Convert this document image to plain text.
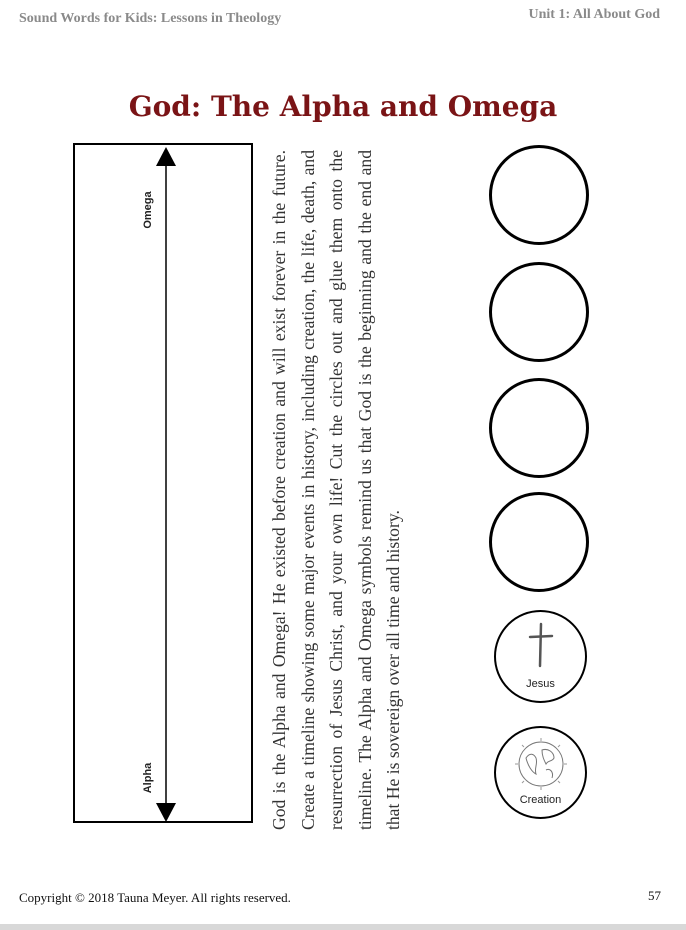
Sound Words for Kids: Lessons in Theology	Unit 1: All About God
God: The Alpha and Omega
Omega
Alpha	God is the Alpha and Omega! He existed before creation and will exist forever in the future. Create a timeline showing some major events in history, including creation, the life, death, and resurrection of Jesus Christ, and your own life! Cut the circles out and glue them onto the timeline. The Alpha and Omega symbols remind us that God is the beginning and the end and that He is sovereign over all time and history.	Jesus
Creation
Copyright © 2018 Tauna Meyer. All rights reserved.	57
